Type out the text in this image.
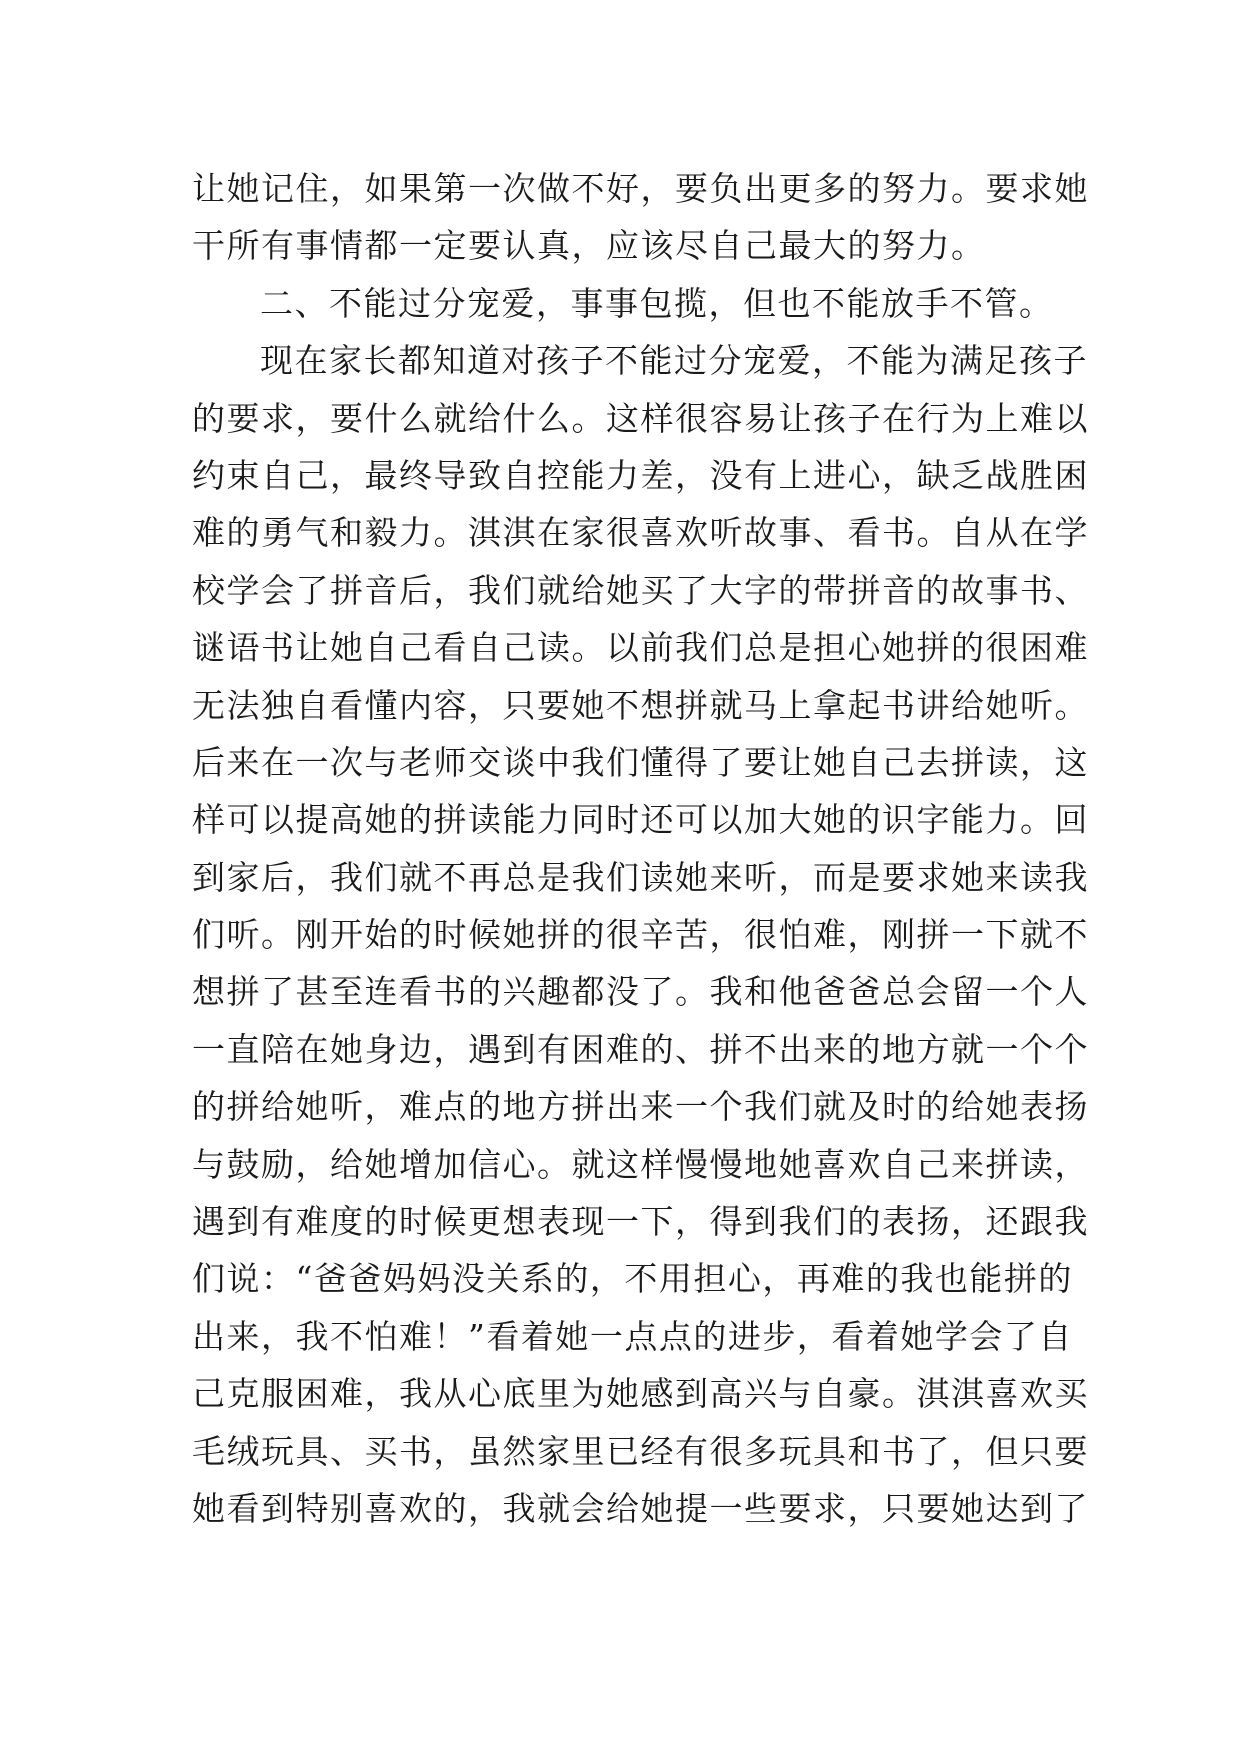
让她记住，如果第一次做不好，要负出更多的努力。要求她
干所有事情都一定要认真，应该尽自己最大的努力。
二、不能过分宠爱，事事包揽，但也不能放手不管。
现在家长都知道对孩子不能过分宠爱，不能为满足孩子
的要求，要什么就给什么。这样很容易让孩子在行为上难以
约束自己，最终导致自控能力差，没有上进心，缺乏战胜困
难的勇气和毅力。淇淇在家很喜欢听故事、看书。自从在学
校学会了拼音后，我们就给她买了大字的带拼音的故事书、
谜语书让她自己看自己读。以前我们总是担心她拼的很困难
无法独自看懂内容，只要她不想拼就马上拿起书讲给她听。
后来在一次与老师交谈中我们懂得了要让她自己去拼读，这
样可以提高她的拼读能力同时还可以加大她的识字能力。回
到家后，我们就不再总是我们读她来听，而是要求她来读我
们听。刚开始的时候她拼的很辛苦，很怕难，刚拼一下就不
想拼了甚至连看书的兴趣都没了。我和他爸爸总会留一个人
一直陪在她身边，遇到有困难的、拼不出来的地方就一个个
的拼给她听，难点的地方拼出来一个我们就及时的给她表扬
与鼓励，给她增加信心。就这样慢慢地她喜欢自己来拼读，
遇到有难度的时候更想表现一下，得到我们的表扬，还跟我
们说：“爸爸妈妈没关系的，不用担心，再难的我也能拼的
出来，我不怕难！”看着她一点点的进步，看着她学会了自
己克服困难，我从心底里为她感到高兴与自豪。淇淇喜欢买
毛绒玩具、买书，虽然家里已经有很多玩具和书了，但只要
她看到特别喜欢的，我就会给她提一些要求，只要她达到了
